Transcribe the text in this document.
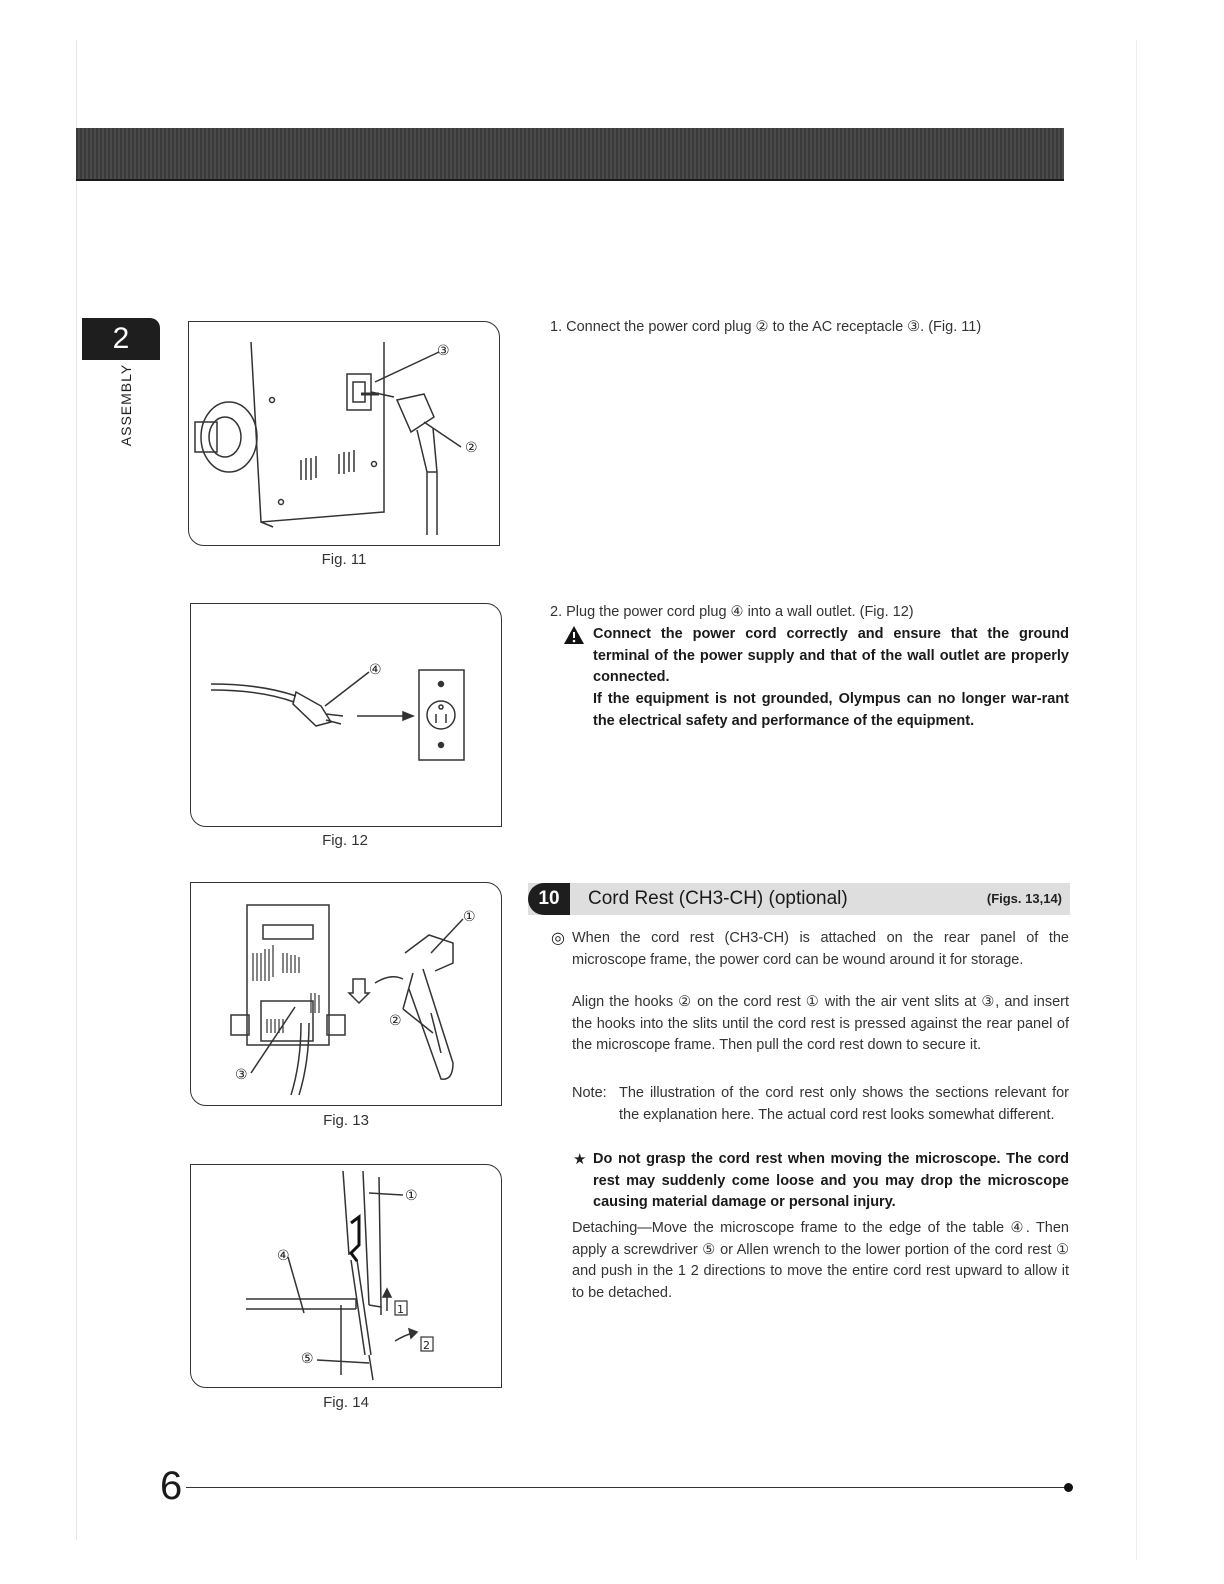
2
ASSEMBLY
③
②
Fig. 11
④
Fig. 12
①
②
③
Fig. 13
①
④
⑤
1
2
Fig. 14
1. Connect the power cord plug ② to the AC receptacle ③. (Fig. 11)
2. Plug the power cord plug ④ into a wall outlet. (Fig. 12)
Connect the power cord correctly and ensure that the ground terminal of the power supply and that of the wall outlet are properly connected.
If the equipment is not grounded, Olympus can no longer war-rant the electrical safety and performance of the equipment.
10	Cord Rest (CH3-CH) (optional)	(Figs. 13,14)
◎ When the cord rest (CH3-CH) is attached on the rear panel of the microscope frame, the power cord can be wound around it for storage.
Align the hooks ② on the cord rest ① with the air vent slits at ③, and insert the hooks into the slits until the cord rest is pressed against the rear panel of the microscope frame. Then pull the cord rest down to secure it.
Note: The illustration of the cord rest only shows the sections relevant for the explanation here. The actual cord rest looks somewhat different.
★ Do not grasp the cord rest when moving the microscope. The cord rest may suddenly come loose and you may drop the microscope causing material damage or personal injury.
Detaching—Move the microscope frame to the edge of the table ④. Then apply a screwdriver ⑤ or Allen wrench to the lower portion of the cord rest ① and push in the 1 2 directions to move the entire cord rest upward to allow it to be detached.
6
